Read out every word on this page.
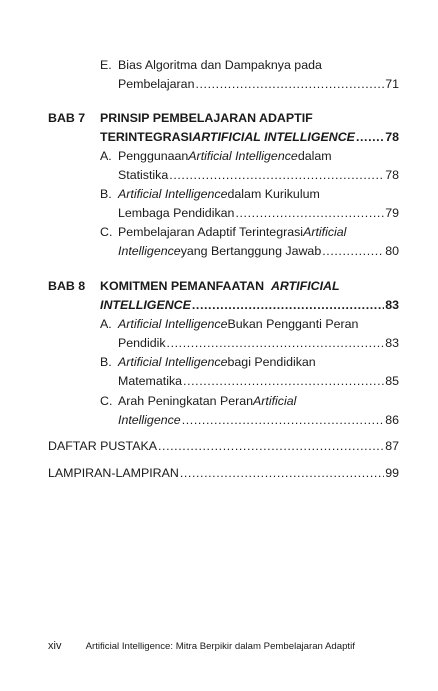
E. Bias Algoritma dan Dampaknya pada
Pembelajaran .....	71
BAB 7 PRINSIP PEMBELAJARAN ADAPTIF
TERINTEGRASI ARTIFICIAL INTELLIGENCE ..... 78
A. Penggunaan Artificial Intelligence dalam
Statistika .....	78
B. Artificial Intelligence dalam Kurikulum
Lembaga Pendidikan .....	79
C. Pembelajaran Adaptif Terintegrasi Artificial
Intelligence yang Bertanggung Jawab .....	80
BAB 8 KOMITMEN PEMANFAATAN ARTIFICIAL
INTELLIGENCE .....	83
A. Artificial Intelligence Bukan Pengganti Peran
Pendidik .....	83
B. Artificial Intelligence bagi Pendidikan
Matematika .....	85
C. Arah Peningkatan Peran Artificial
Intelligence .....	86
DAFTAR PUSTAKA .....	87
LAMPIRAN-LAMPIRAN .....	99
xiv	Artificial Intelligence: Mitra Berpikir dalam Pembelajaran Adaptif
